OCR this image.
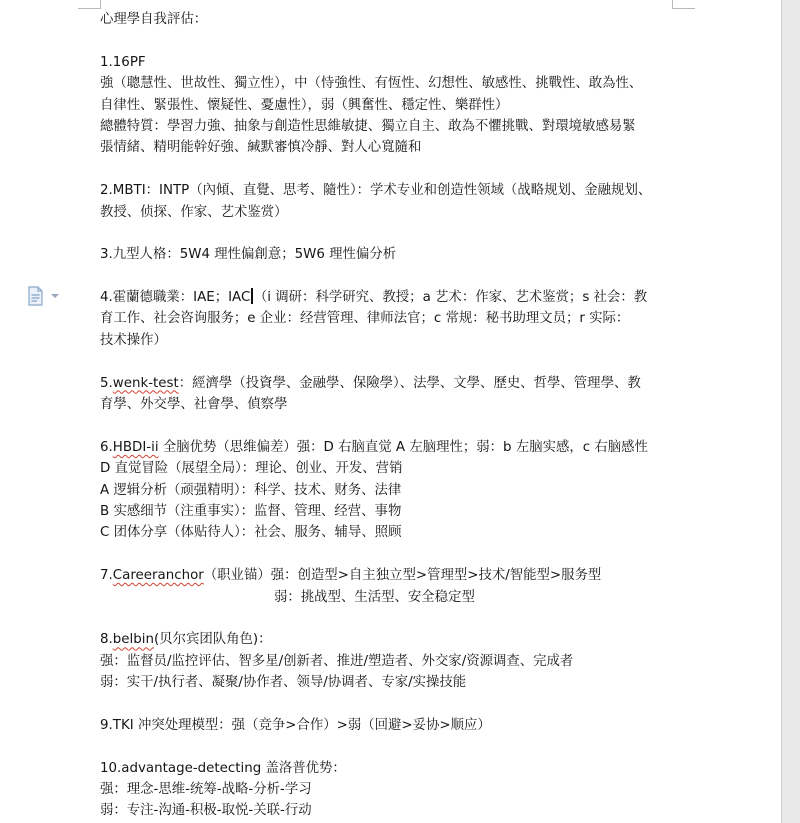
心理學自我評估：

1.16PF

強（聰慧性、世故性、獨立性），中（恃強性、有恆性、幻想性、敏感性、挑戰性、敢為性、

自律性、緊張性、懷疑性、憂慮性），弱（興奮性、穩定性、樂群性）

總體特質：學習力強、抽象与創造性思維敏捷、獨立自主、敢為不懼挑戰、對環境敏感易緊

張情緒、精明能幹好強、緘默審慎冷靜、對人心寬隨和

2.MBTI：INTP（內傾、直覺、思考、隨性）：学术专业和创造性领域（战略规划、金融规划、

教授、侦探、作家、艺术鉴赏）

3.九型人格：5W4 理性偏創意；5W6 理性偏分析

4.霍蘭德職業：IAE；IAC （i 调研：科学研究、教授；a 艺术：作家、艺术鉴赏；s 社会：教

育工作、社会咨询服务；e 企业：经营管理、律师法官；c 常规：秘书助理文员；r 实际：

技术操作）

5.wenk-test：經濟學（投資學、金融學、保險學）、法學、文學、歷史、哲學、管理學、教

育學、外交學、社會學、偵察學

6.HBDI-ii 全脑优势（思维偏差）强：D 右脑直觉 A 左脑理性；弱：b 左脑实感，c 右脑感性

D 直觉冒险（展望全局）：理论、创业、开发、营销

A 逻辑分析（顽强精明）：科学、技术、财务、法律

B 实感细节（注重事实）：监督、管理、经营、事物

C 团体分享（体贴待人）：社会、服务、辅导、照顾

7.Careeranchor（职业锚）强：创造型>自主独立型>管理型>技术/智能型>服务型

弱：挑战型、生活型、安全稳定型

8.belbin(贝尔宾团队角色)：

强：监督员/监控评估、智多星/创新者、推进/塑造者、外交家/资源调查、完成者

弱：实干/执行者、凝聚/协作者、领导/协调者、专家/实操技能

9.TKI 冲突处理模型：强（竞争>合作）>弱（回避>妥协>顺应）

10.advantage-detecting 盖洛普优势：

强：理念-思维-统筹-战略-分析-学习

弱：专注-沟通-积极-取悦-关联-行动
